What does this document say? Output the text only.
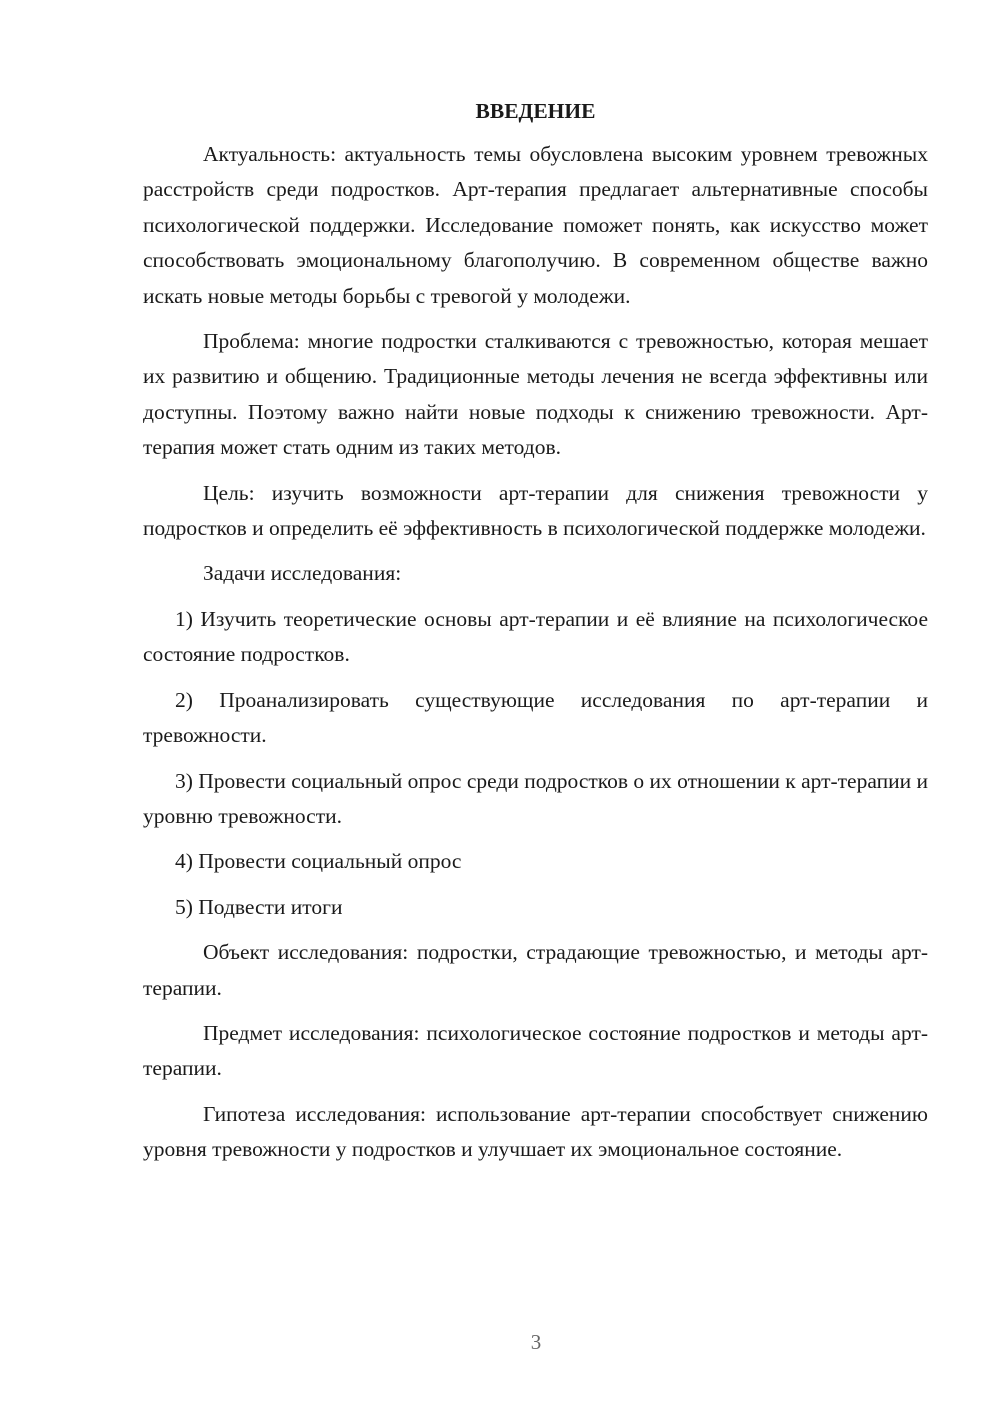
ВВЕДЕНИЕ

Актуальность: актуальность темы обусловлена высоким уровнем тревожных расстройств среди подростков. Арт-терапия предлагает альтернативные способы психологической поддержки. Исследование поможет понять, как искусство может способствовать эмоциональному благополучию. В современном обществе важно искать новые методы борьбы с тревогой у молодежи.

Проблема: многие подростки сталкиваются с тревожностью, которая мешает их развитию и общению. Традиционные методы лечения не всегда эффективны или доступны. Поэтому важно найти новые подходы к снижению тревожности. Арт-терапия может стать одним из таких методов.

Цель: изучить возможности арт-терапии для снижения тревожности у подростков и определить её эффективность в психологической поддержке молодежи.

Задачи исследования:

1) Изучить теоретические основы арт-терапии и её влияние на психологическое состояние подростков.

2) Проанализировать существующие исследования по арт-терапии и тревожности.

3) Провести социальный опрос среди подростков о их отношении к арт-терапии и уровню тревожности.

4) Провести социальный опрос

5) Подвести итоги

Объект исследования: подростки, страдающие тревожностью, и методы арт-терапии.

Предмет исследования: психологическое состояние подростков и методы арт-терапии.

Гипотеза исследования: использование арт-терапии способствует снижению уровня тревожности у подростков и улучшает их эмоциональное состояние.

3
